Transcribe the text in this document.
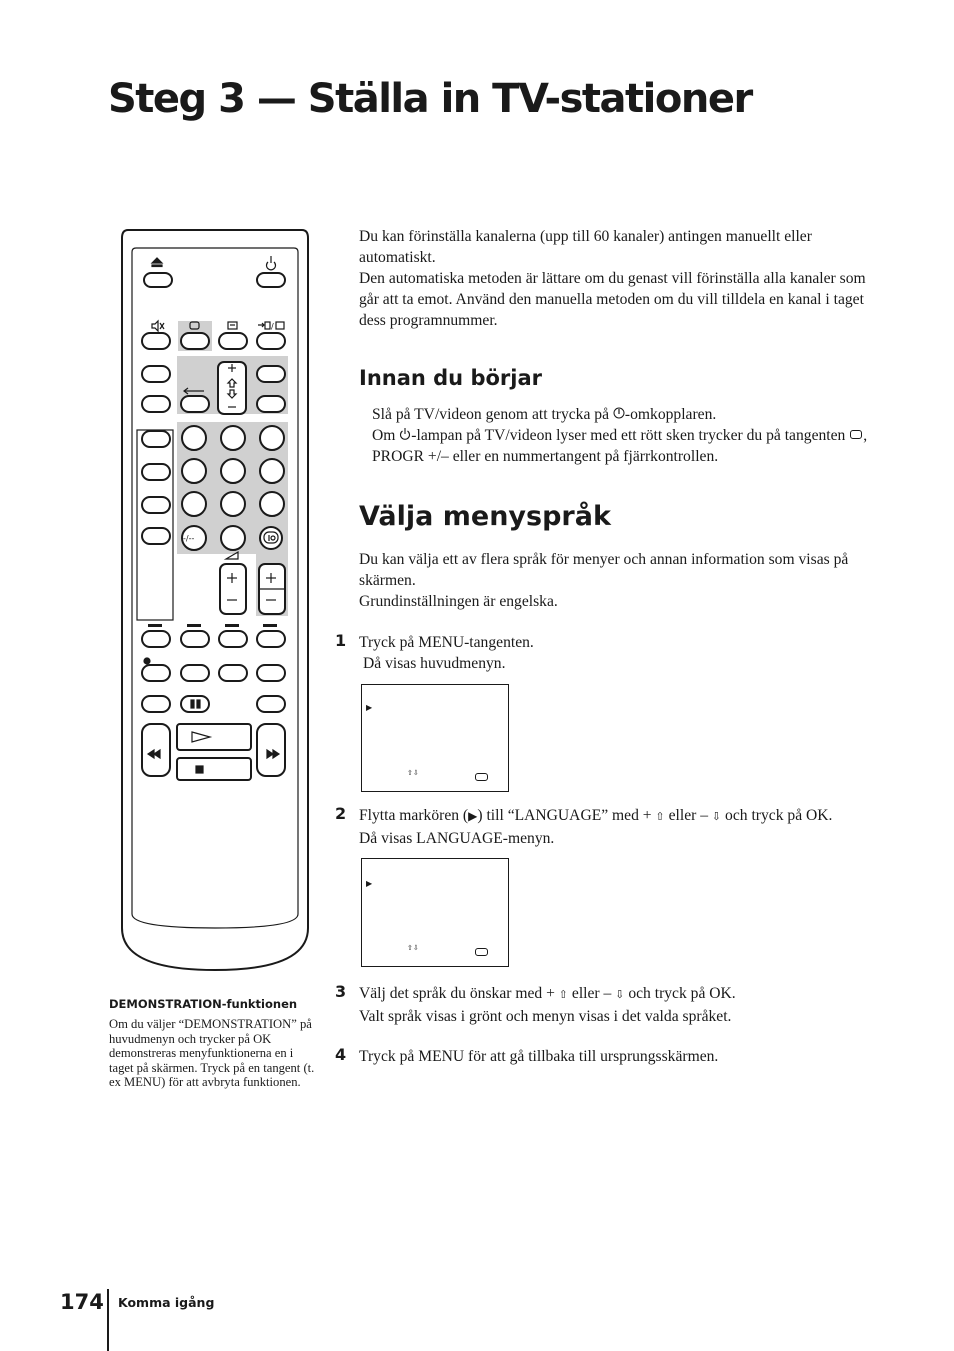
Steg 3 — Ställa in TV-stationer
/
-/--
Du kan förinställa kanalerna (upp till 60 kanaler) antingen manuellt eller automatiskt.
Den automatiska metoden är lättare om du genast vill förinställa alla kanaler som går att ta emot. Använd den manuella metoden om du vill tilldela en kanal i taget dess programnummer.
Innan du börjar
Slå på TV/videon genom att trycka på -omkopplaren.
Om -lampan på TV/videon lyser med ett rött sken trycker du på tangenten , PROGR +/– eller en nummertangent på fjärrkontrollen.
Välja menyspråk
Du kan välja ett av flera språk för menyer och annan information som visas på skärmen.
Grundinställningen är engelska.
1 Tryck på MENU-tangenten.
Då visas huvudmenyn.
▶
⇧⇩
2 Flytta markören (▶) till “LANGUAGE” med + ⇧ eller – ⇩ och tryck på OK.
Då visas LANGUAGE-menyn.
▶
⇧⇩
3 Välj det språk du önskar med + ⇧ eller – ⇩ och tryck på OK.
Valt språk visas i grönt och menyn visas i det valda språket.
4 Tryck på MENU för att gå tillbaka till ursprungsskärmen.
DEMONSTRATION-funktionen
Om du väljer “DEMONSTRATION” på huvudmenyn och trycker på OK demonstreras menyfunktionerna en i taget på skärmen. Tryck på en tangent (t. ex MENU) för att avbryta funktionen.
174 Komma igång
